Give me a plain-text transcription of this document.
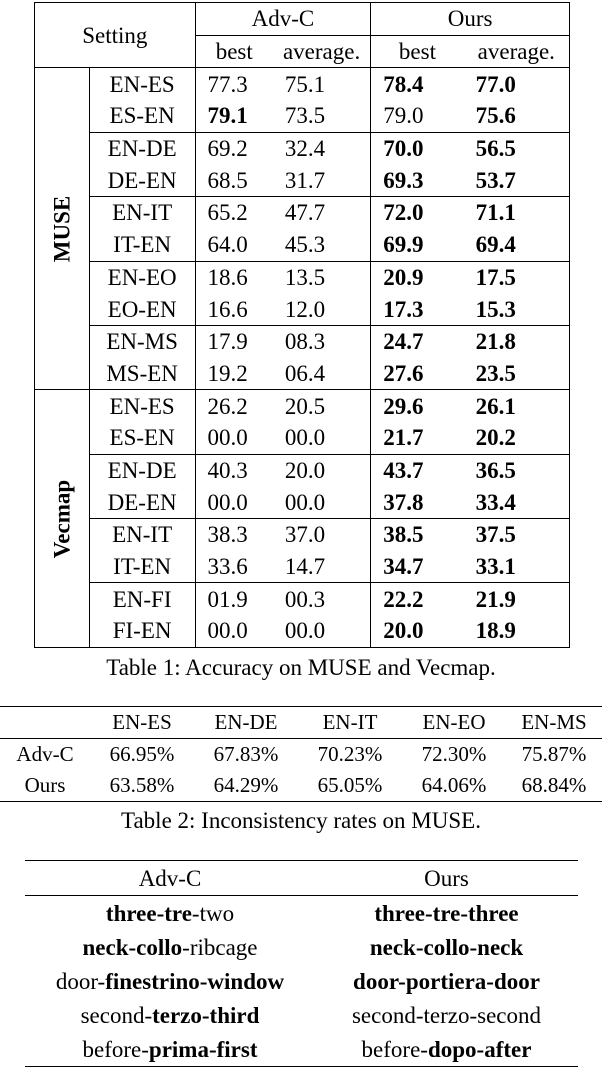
Setting		Adv-C		Ours	
		best	average.	best	average.

MUSE	EN-ES	77.3	75.1	78.4	77.0
	ES-EN	79.1	73.5	79.0	75.6
	EN-DE	69.2	32.4	70.0	56.5
	DE-EN	68.5	31.7	69.3	53.7
	EN-IT	65.2	47.7	72.0	71.1
	IT-EN	64.0	45.3	69.9	69.4
	EN-EO	18.6	13.5	20.9	17.5
	EO-EN	16.6	12.0	17.3	15.3
	EN-MS	17.9	08.3	24.7	21.8
	MS-EN	19.2	06.4	27.6	23.5

Vecmap	EN-ES	26.2	20.5	29.6	26.1
	ES-EN	00.0	00.0	21.7	20.2
	EN-DE	40.3	20.0	43.7	36.5
	DE-EN	00.0	00.0	37.8	33.4
	EN-IT	38.3	37.0	38.5	37.5
	IT-EN	33.6	14.7	34.7	33.1
	EN-FI	01.9	00.3	22.2	21.9
	FI-EN	00.0	00.0	20.0	18.9
Table 1: Accuracy on MUSE and Vecmap.
	EN-ES	EN-DE	EN-IT	EN-EO	EN-MS
Adv-C	66.95%	67.83%	70.23%	72.30%	75.87%
Ours	63.58%	64.29%	65.05%	64.06%	68.84%
Table 2: Inconsistency rates on MUSE.
Adv-C	Ours
three-tre-two	three-tre-three
neck-collo-ribcage	neck-collo-neck
door-finestrino-window	door-portiera-door
second-terzo-third	second-terzo-second
before-prima-first	before-dopo-after
